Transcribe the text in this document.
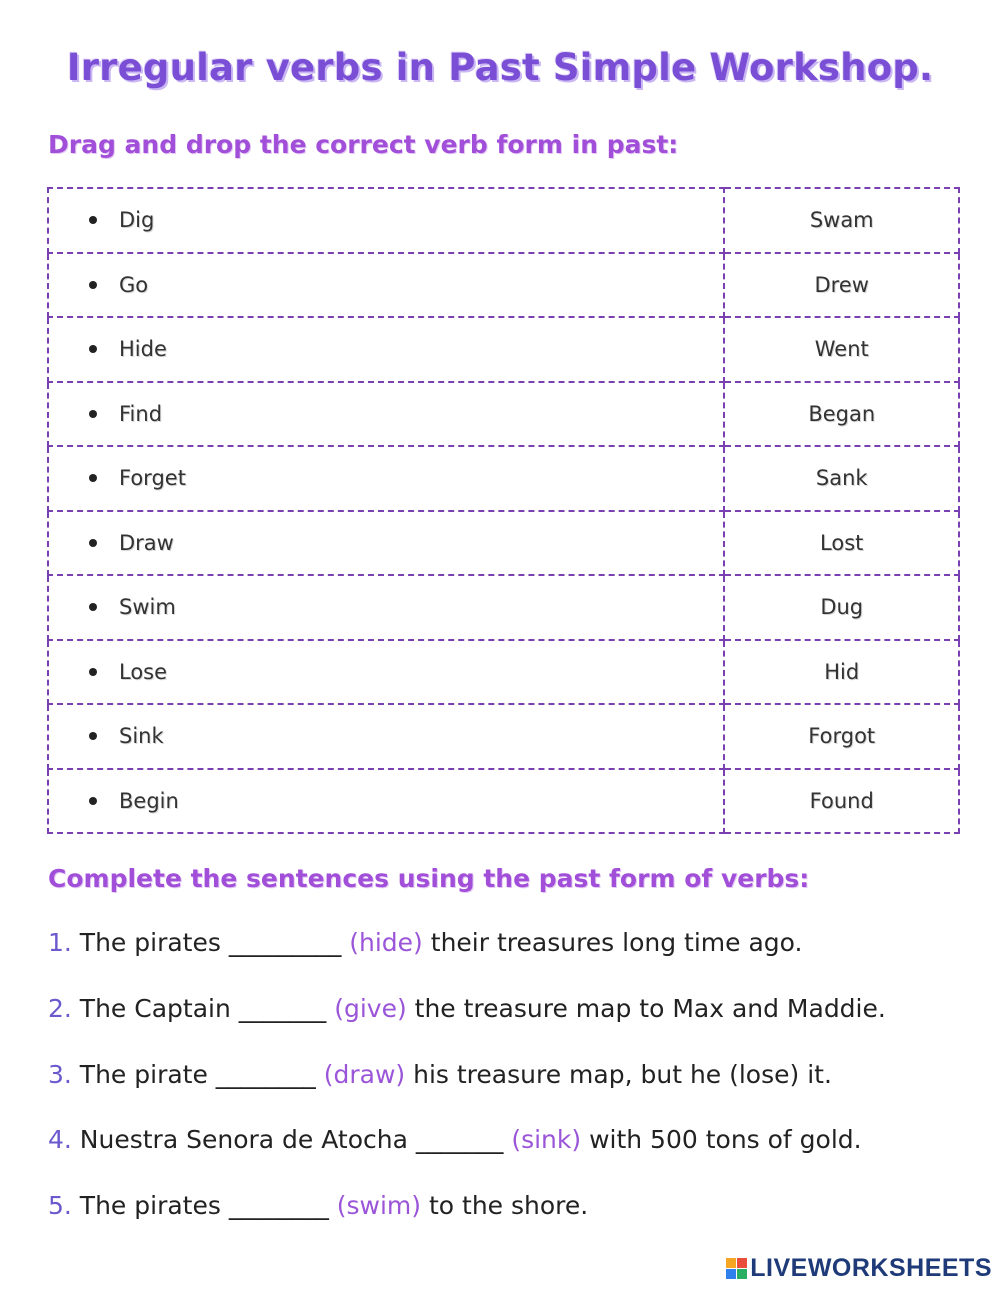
Irregular verbs in Past Simple Workshop.
Drag and drop the correct verb form in past:
Dig	Swam

Go	Drew

Hide	Went

Find	Began

Forget	Sank

Draw	Lost

Swim	Dug

Lose	Hid

Sink	Forgot

Begin	Found
Complete the sentences using the past form of verbs:
1. The pirates _________ (hide) their treasures long time ago.
2. The Captain _______ (give) the treasure map to Max and Maddie.
3. The pirate ________ (draw) his treasure map, but he (lose) it.
4. Nuestra Senora de Atocha _______ (sink) with 500 tons of gold.
5. The pirates ________ (swim) to the shore.
LIVEWORKSHEETS
